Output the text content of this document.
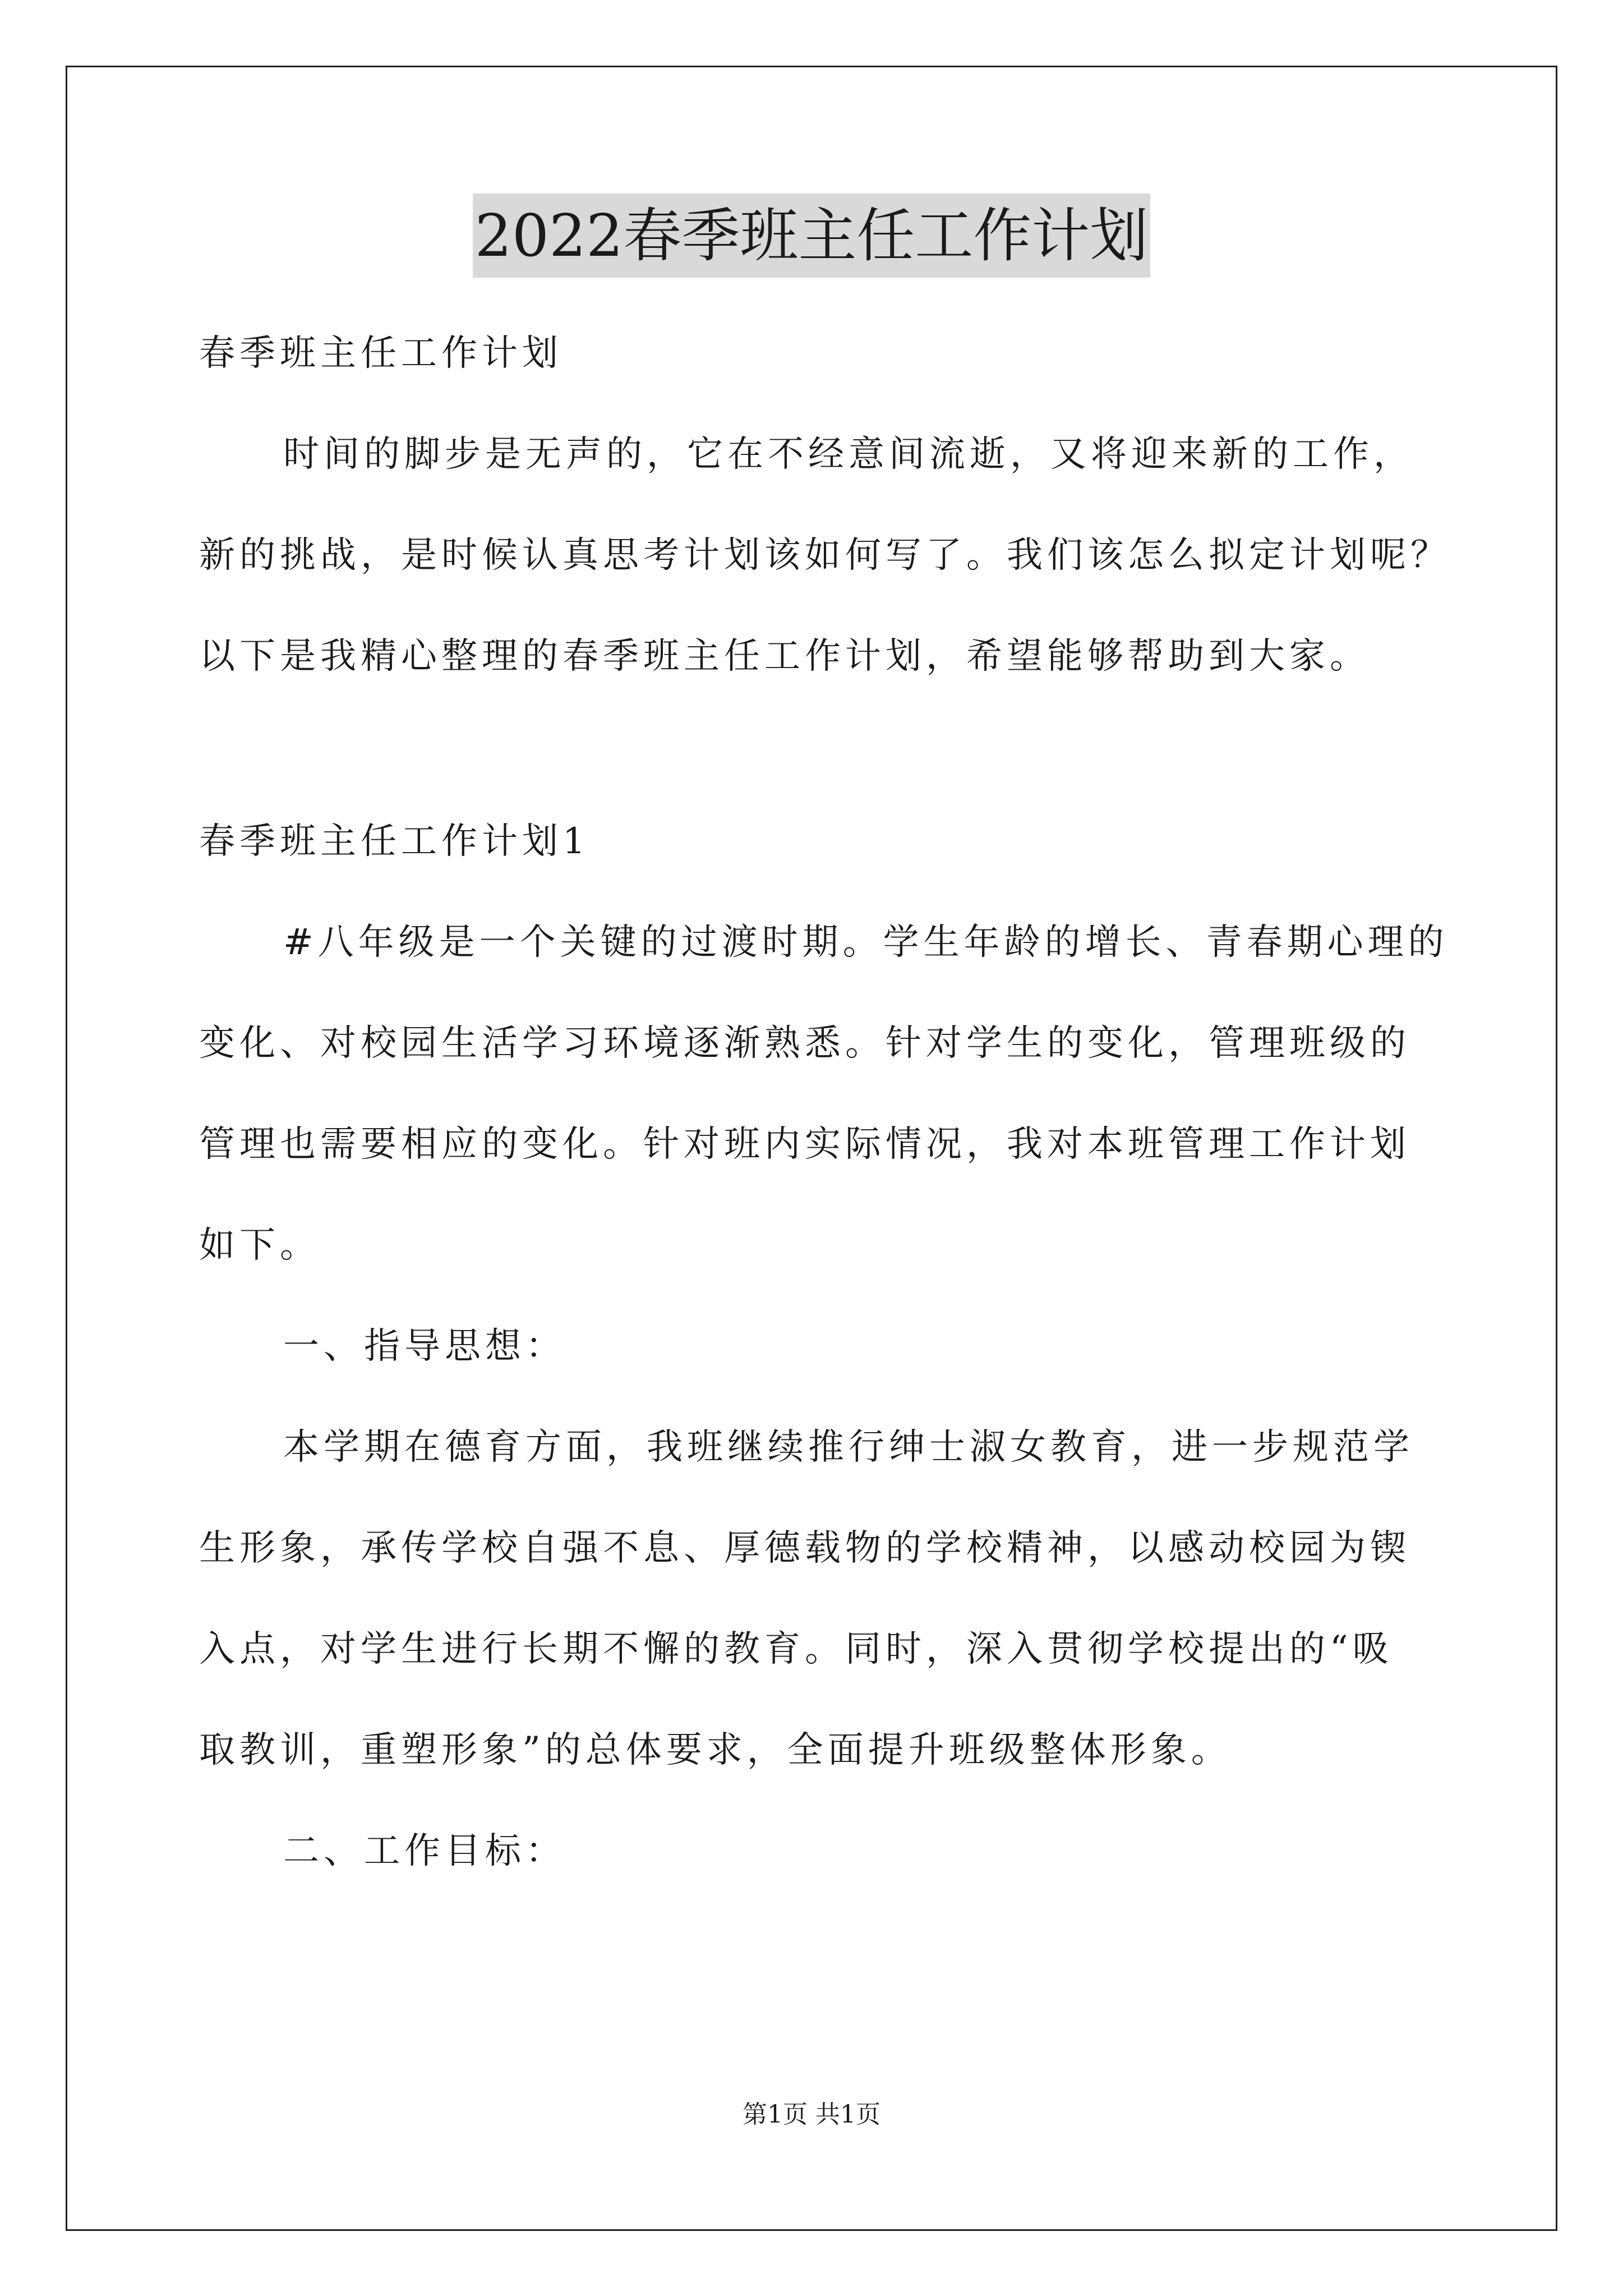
2022春季班主任工作计划

春季班主任工作计划

时间的脚步是无声的，它在不经意间流逝，又将迎来新的工作，

新的挑战，是时候认真思考计划该如何写了。我们该怎么拟定计划呢？

以下是我精心整理的春季班主任工作计划，希望能够帮助到大家。

春季班主任工作计划1

#八年级是一个关键的过渡时期。学生年龄的增长、青春期心理的

变化、对校园生活学习环境逐渐熟悉。针对学生的变化，管理班级的

管理也需要相应的变化。针对班内实际情况，我对本班管理工作计划

如下。

一、指导思想：

本学期在德育方面，我班继续推行绅士淑女教育，进一步规范学

生形象，承传学校自强不息、厚德载物的学校精神，以感动校园为锲

入点，对学生进行长期不懈的教育。同时，深入贯彻学校提出的“吸

取教训，重塑形象”的总体要求，全面提升班级整体形象。

二、工作目标：

第1页 共1页
